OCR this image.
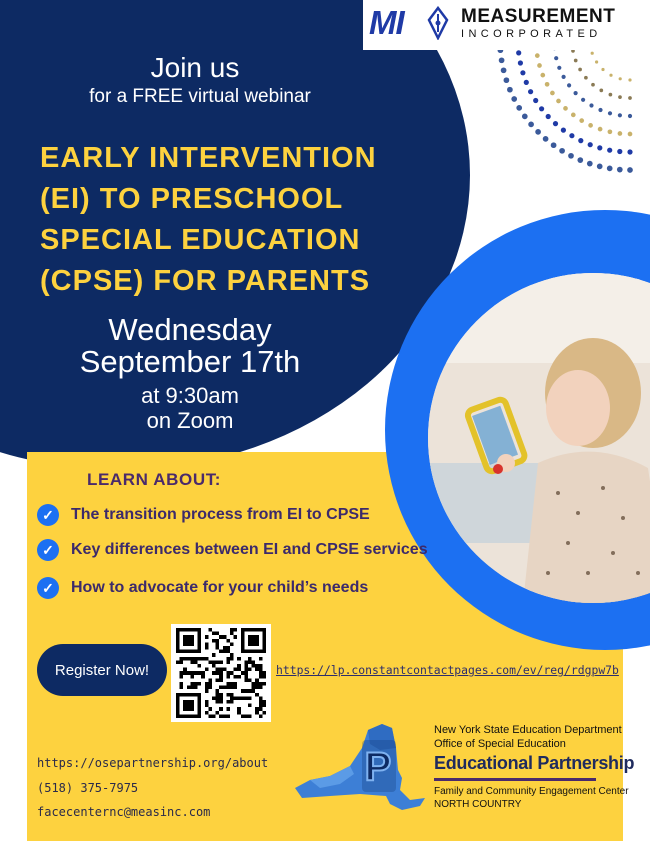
MI	MEASUREMENT
INCORPORATED
Join us
for a FREE virtual webinar
EARLY INTERVENTION
(EI) TO PRESCHOOL
SPECIAL EDUCATION
(CPSE) FOR PARENTS
Wednesday
September 17th
at 9:30am
on Zoom
LEARN ABOUT:
✓	The transition process from EI to CPSE
✓	Key differences between EI and CPSE services
✓	How to advocate for your child’s needs
Register Now!	https://lp.constantcontactpages.com/ev/reg/rdgpw7b
https://osepartnership.org/about
(518) 375-7975
facecenternc@measinc.com
P
New York State Education Department
Office of Special Education
Educational Partnership
Family and Community Engagement Center
NORTH COUNTRY
